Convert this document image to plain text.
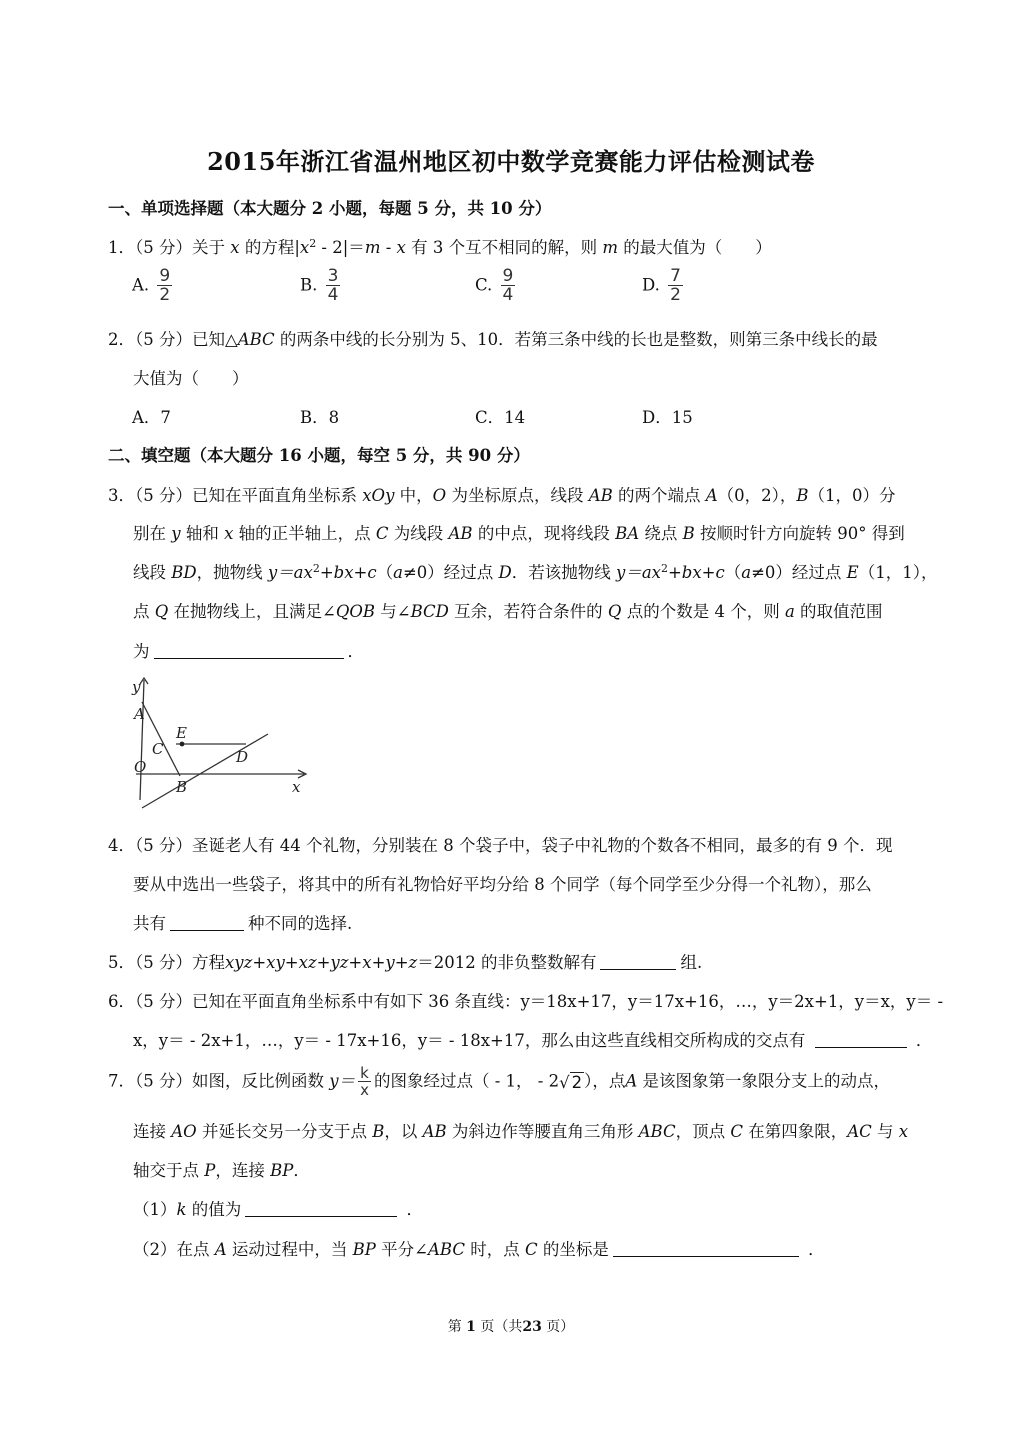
2015年浙江省温州地区初中数学竞赛能力评估检测试卷
一、单项选择题（本大题分 2 小题，每题 5 分，共 10 分）
1．（5 分）关于 x 的方程$|x^2 - 2|=m - x$ 有 3 个互不相同的解，则 m 的最大值为（　　）
A. $\frac{9}{2}$	B. $\frac{3}{4}$	C. $\frac{9}{4}$	D. $\frac{7}{2}$
2．（5 分）已知△ABC 的两条中线的长分别为 5、10．若第三条中线的长也是整数，则第三条中线长的最
大值为（　　）
A．7	B．8	C．14	D．15
二、填空题（本大题分 16 小题，每空 5 分，共 90 分）
3．（5 分）已知在平面直角坐标系 xOy 中，O 为坐标原点，线段 AB 的两个端点 A（0，2），B（1，0）分
别在 y 轴和 x 轴的正半轴上，点 C 为线段 AB 的中点，现将线段 BA 绕点 B 按顺时针方向旋转 90° 得到
线段 BD，抛物线 $y=ax^2+bx+c(a\ne 0)$经过点 D．若该抛物线 $y=ax^2+bx+c(a\ne 0)$经过点 E（1，1），
点 Q 在抛物线上，且满足∠QOB 与∠BCD 互余，若符合条件的 Q 点的个数是 4 个，则 a 的取值范围
为	．
y
A
E
C	D
O
B	x
4．（5 分）圣诞老人有 44 个礼物，分别装在 8 个袋子中，袋子中礼物的个数各不相同，最多的有 9 个．现
要从中选出一些袋子，将其中的所有礼物恰好平均分给 8 个同学（每个同学至少分得一个礼物），那么
共有	种不同的选择.
5．（5 分）方程xyz+xy+xz+yz+x+y+z＝2012 的非负整数解有	组.
6．（5 分）已知在平面直角坐标系中有如下 36 条直线：y＝18x+17，y＝17x+16，…，y＝2x+1，y＝x，y＝ -
x，y＝ - 2x+1，…，y＝ - 17x+16，y＝ - 18x+17，那么由这些直线相交所构成的交点有	．
7．（5 分）如图，反比例函数 $y= \frac{k}{x}$ 的图象经过点（ - 1， - 2√ 2 ），点A 是该图象第一象限分支上的动点，
连接 AO 并延长交另一分支于点 B，以 AB 为斜边作等腰直角三角形 ABC，顶点 C 在第四象限，AC 与 x
轴交于点 P，连接 BP．
（1）k 的值为	．
（2）在点 A 运动过程中，当 BP 平分∠ABC 时，点 C 的坐标是	．
第 1 页（共23 页）
